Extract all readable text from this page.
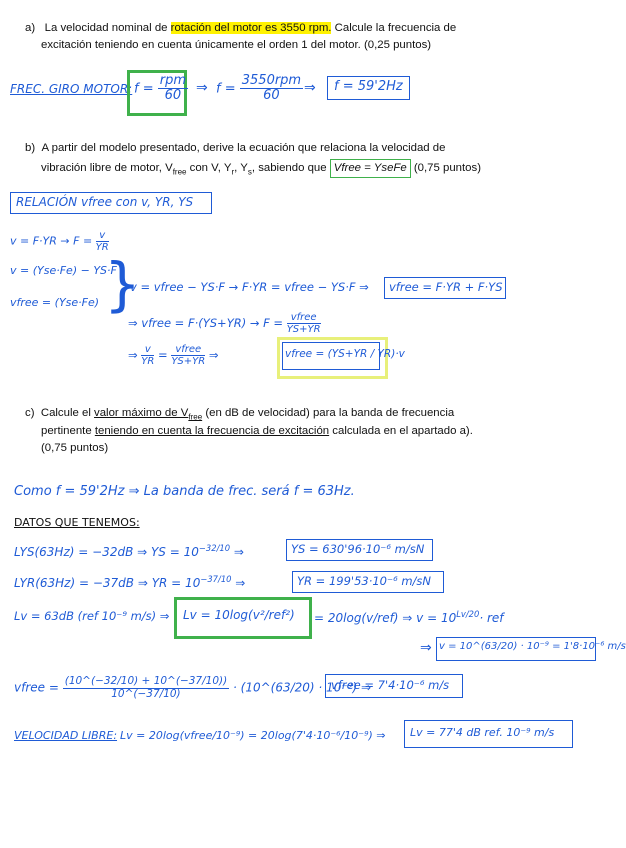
a) La velocidad nominal de rotación del motor es 3550 rpm. Calcule la frecuencia de
excitación teniendo en cuenta únicamente el orden 1 del motor. (0,25 puntos)
FREC. GIRO MOTOR: $f = \frac{\text{rpm}}{60}$ ⇒ $f = \frac{\text{3550rpm}}{60}$ ⇒ f = 59'2Hz
b) A partir del modelo presentado, derive la ecuación que relaciona la velocidad de
vibración libre de motor, $V_{free}$ con V, $Y_r$, $Y_s$, sabiendo que Vfree = YseFe (0,75 puntos)
RELACIÓN vfree con v, YR, YS
$v = F\cdot YR \to F = \frac{v}{YR}$
v = (Yse·Fe) − YS·F
vfree = (Yse·Fe) }
v = vfree − YS·F → F·YR = vfree − YS·F ⇒ vfree = F·YR + F·YS
⇒ vfree = $F\cdot(YS+YR) \to F = \frac{\text{vfree}}{YS+YR}$
⇒ $\frac{v}{YR} = \frac{\text{vfree}}{YS+YR}$ ⇒	vfree = (YS+YR / YR)·v
c) Calcule el valor máximo de $V_{free}$ (en dB de velocidad) para la banda de frecuencia
pertinente teniendo en cuenta la frecuencia de excitación calculada en el apartado a).
(0,75 puntos)
Como f = 59'2Hz ⇒ La banda de frec. será f = 63Hz.
DATOS QUE TENEMOS:
LYS(63Hz) = −32dB ⇒ YS = $10^{-32/10}$ ⇒	YS = 630'96·10⁻⁶ m/sN
LYR(63Hz) = −37dB ⇒ YR = $10^{-37/10}$ ⇒	YR = 199'53·10⁻⁶ m/sN
Lv = 63dB (ref 10⁻⁹ m/s) ⇒ Lv = 10log(v²/ref²) = 20log(v/ref) ⇒ $v = 10^{Lv/20}\cdot$ ref
⇒ v = 10^(63/20) · 10⁻⁹ = 1'8·10⁻⁶ m/s
vfree = $\frac{(10\^{}(-32/10) + 10\^{}(-37/10))}{10\^{}(-37/10)}$ · (10^(63/20) · 10⁻⁹) ⇒
vfree = 7'4·10⁻⁶ m/s
VELOCIDAD LIBRE: Lv = 20log(vfree/10⁻⁹) = 20log(7'4·10⁻⁶/10⁻⁹) ⇒ Lv = 77'4 dB ref. 10⁻⁹ m/s
